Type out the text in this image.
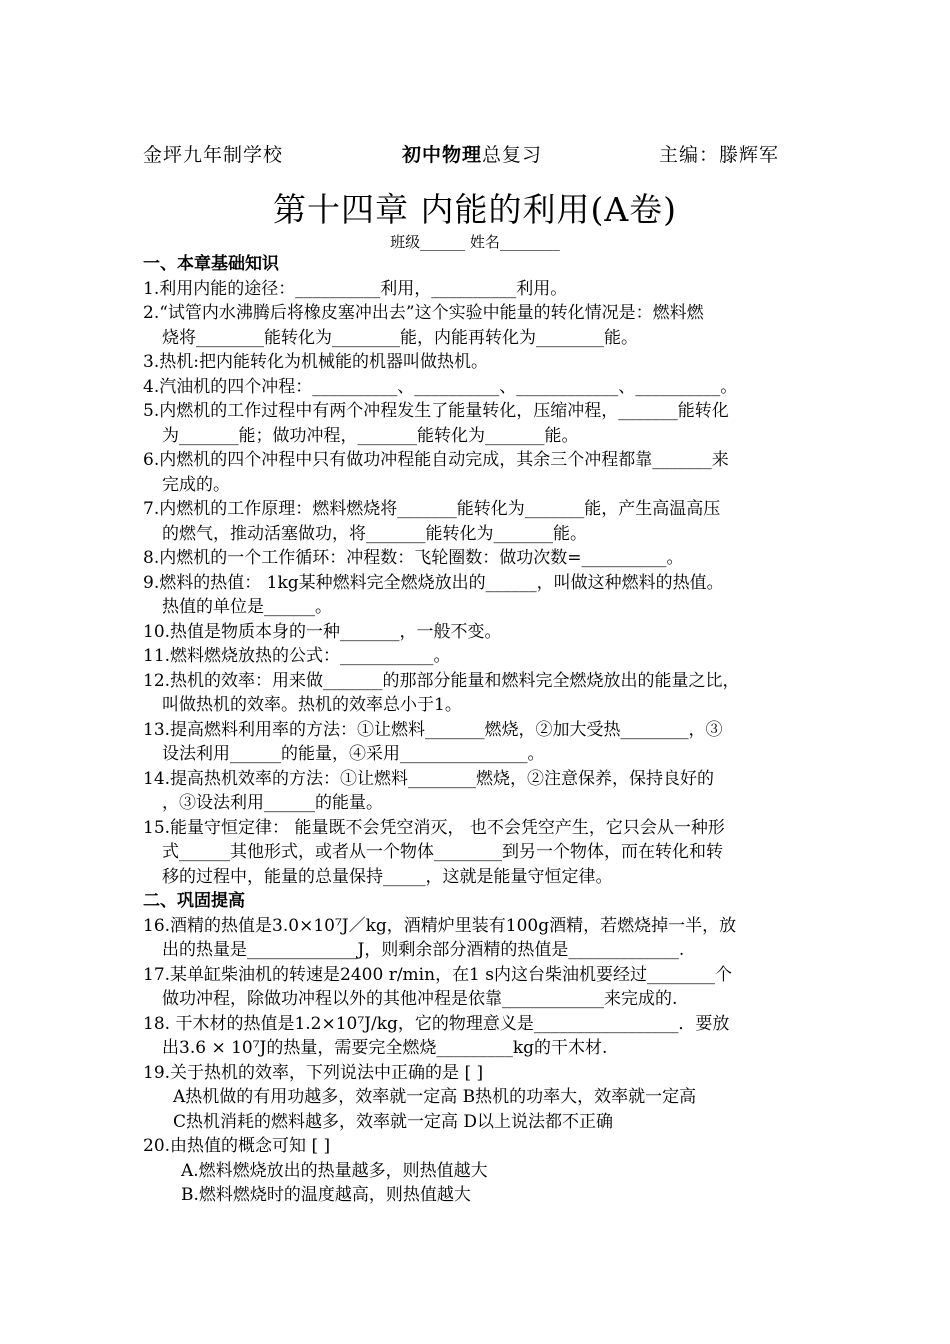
金坪九年制学校	初中物理总复习	主编：滕辉军
第十四章 内能的利用(A卷)
班级______ 姓名________
一、本章基础知识
1.利用内能的途径：__________利用，__________利用。
2.“试管内水沸腾后将橡皮塞冲出去”这个实验中能量的转化情况是：燃料燃
烧将________能转化为________能，内能再转化为________能。
3.热机:把内能转化为机械能的机器叫做热机。
4.汽油机的四个冲程：__________、__________、____________、__________。
5.内燃机的工作过程中有两个冲程发生了能量转化，压缩冲程，_______能转化
为_______能；做功冲程，_______能转化为_______能。
6.内燃机的四个冲程中只有做功冲程能自动完成，其余三个冲程都靠_______来
完成的。
7.内燃机的工作原理：燃料燃烧将_______能转化为_______能，产生高温高压
的燃气，推动活塞做功，将_______能转化为_______能。
8.内燃机的一个工作循环：冲程数：飞轮圈数：做功次数=__________。
9.燃料的热值： 1kg某种燃料完全燃烧放出的______，叫做这种燃料的热值。
热值的单位是______。
10.热值是物质本身的一种_______，一般不变。
11.燃料燃烧放热的公式：___________。
12.热机的效率：用来做_______的那部分能量和燃料完全燃烧放出的能量之比，
叫做热机的效率。热机的效率总小于1。
13.提高燃料利用率的方法：①让燃料_______燃烧，②加大受热________，③
设法利用______的能量，④采用_______________。
14.提高热机效率的方法：①让燃料________燃烧，②注意保养，保持良好的
，③设法利用______的能量。
15.能量守恒定律： 能量既不会凭空消灭， 也不会凭空产生，它只会从一种形
式______其他形式，或者从一个物体________到另一个物体，而在转化和转
移的过程中，能量的总量保持_____，这就是能量守恒定律。
二、巩固提高
16.酒精的热值是3.0×10⁷J／kg，酒精炉里装有100g酒精，若燃烧掉一半，放
出的热量是_____________J，则剩余部分酒精的热值是_____________.
17.某单缸柴油机的转速是2400 r/min，在1 s内这台柴油机要经过________个
做功冲程，除做功冲程以外的其他冲程是依靠____________来完成的.
18. 干木材的热值是1.2×10⁷J/kg，它的物理意义是_________________．要放
出3.6 × 10⁷J的热量，需要完全燃烧_________kg的干木材.
19.关于热机的效率，下列说法中正确的是 [ ]
A热机做的有用功越多，效率就一定高 B热机的功率大，效率就一定高
C热机消耗的燃料越多，效率就一定高 D以上说法都不正确
20.由热值的概念可知 [ ]
A.燃料燃烧放出的热量越多，则热值越大
B.燃料燃烧时的温度越高，则热值越大
